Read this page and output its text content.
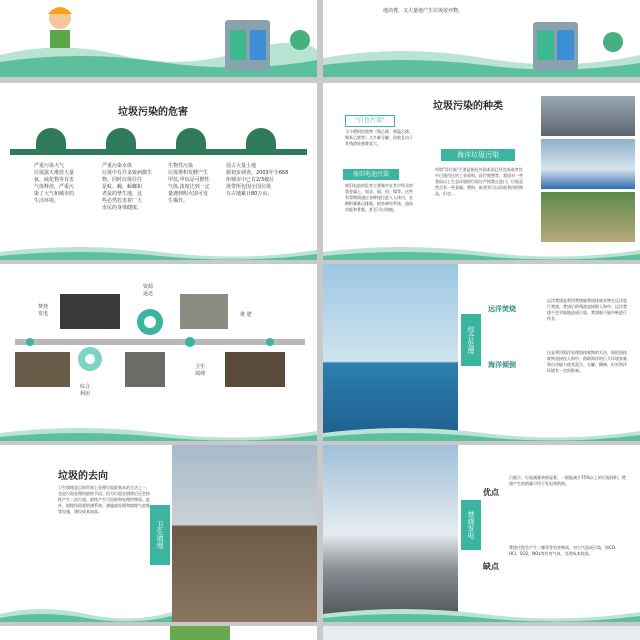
地消费，又大量地产生垃圾废弃物。
垃圾污染的危害
严重污染大气
垃圾露天堆放大量
氨、硫化物等有害
气体释放，严重污
染了大气和城市的
生活环境。
严重污染水体
垃圾中有许多致病微生
物，同时垃圾往往
是蚊、蝇、蟑螂和
老鼠的孳生地，这
些必然危害着广大
市民的身体健康。
生物性污染
垃圾堆积发酵产生
甲烷,甲烷是可燃性
气体,浓度达到一定
量遇到明火即可发
生爆炸。
侵占大量土地
据初步调查，2003年全668
座城市中已有2/3被垃
圾带所包围全国垃圾
存占地累计80万亩。
垃圾污染的种类
"白色污染"
当今塑料包装物（聚乙烯、聚氯乙烯、聚苯乙烯等）大多难分解，回收且由于其残渣处理难度大。
废旧电池污染
废旧电池的危害主要集中在其中所含的重金属上，如汞、镉、铅、镍等。这些有毒物质通过各种途径进入人体内，长期积蓄难以排除，损害神经系统、造血功能和骨骼，甚至可以致癌。
海洋垃圾污染
所谓"洋垃圾"主要是指在外国本国已经完成或者其中已使用过的工业原料、医疗废物等。我国对一些类似以上生态环境的垃圾应严格禁止进口，垃圾虽然含有一些金属、塑料、纸类等可以回收利用的物品，但也...
焚烧
发电
资源
返还
堆 肥
综合
利用
卫生
填埋
综合处理
远洋焚烧
海洋倾倒
远洋焚烧是利用焚烧船将固体废弃物在远洋进行焚烧，焚烧后的残渣直接倒入海中，远洋焚烧不会对陆地造成污染，焚烧船不能中断进行作业。
这是利用海洋处理固体废物的方法，即把固体废物直接投入海中，借助海洋的巨大环境容量和自净能力使其混合、分解、稀释，但对海洋环境有一定的影响。
垃圾的去向
卫生填埋是目前世界上处理垃圾最基本的方法之一，也是垃圾处理的最终手段。因为垃圾在填埋后还会持续产生二次污染，最终产生可回收和处理的物质。此外，填埋场需要防渗系统、渗滤液处理和填埋气收集等设施，建设成本较高。
卫生填埋	焚烧发电
优点
缺点
占地少、垃圾减量效果显著，一般能减少75%以上的垃圾体积，焚烧产生的热量可用于发电和供热。
焚烧过程会产生二噁英等有害物质，对大气造成污染，如CO、HCl、SO2、NOx等有害气体，处理成本较高。
